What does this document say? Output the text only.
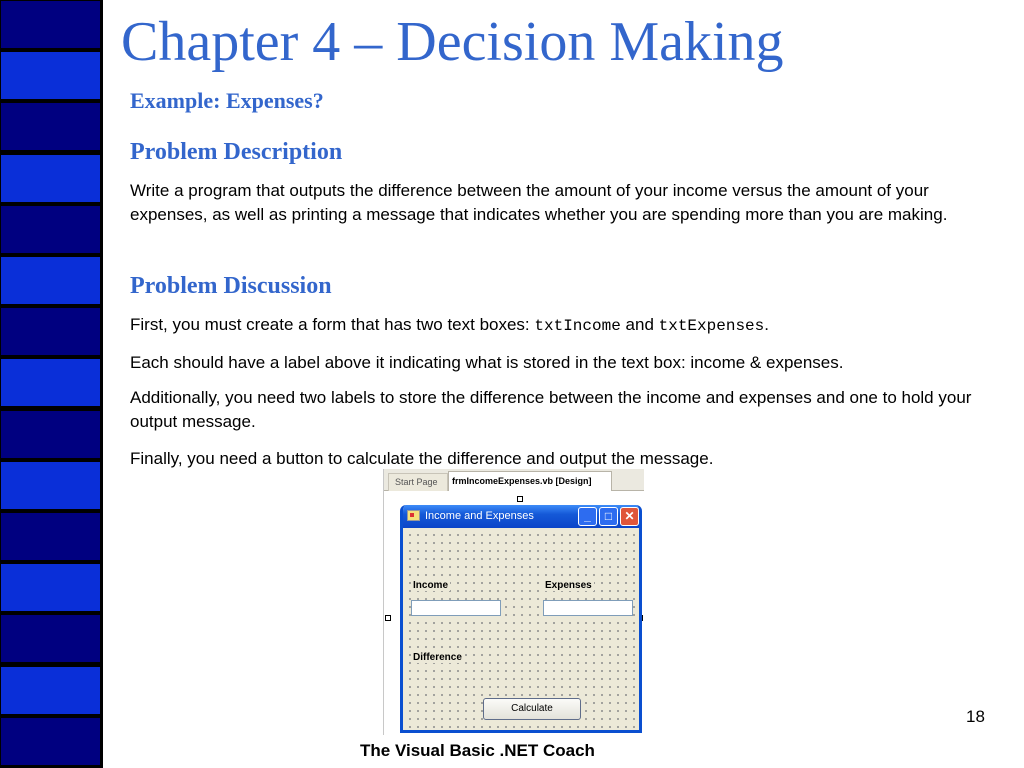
Chapter 4 – Decision Making
Example: Expenses?
Problem Description
Write a program that outputs the difference between the amount of your income versus the amount of your expenses, as well as printing a message that indicates whether you are spending more than you are making.
Problem Discussion
First, you must create a form that has two text boxes: txtIncome and txtExpenses.
Each should have a label above it indicating what is stored in the text box: income & expenses.
Additionally, you need two labels to store the difference between the income and expenses and one to hold your output message.
Finally, you need a button to calculate the difference and output the message.
Start Page	frmIncomeExpenses.vb [Design]
Income and Expenses	_	□	✕
Income	Expenses
Difference
Calculate	18
The Visual Basic .NET Coach
